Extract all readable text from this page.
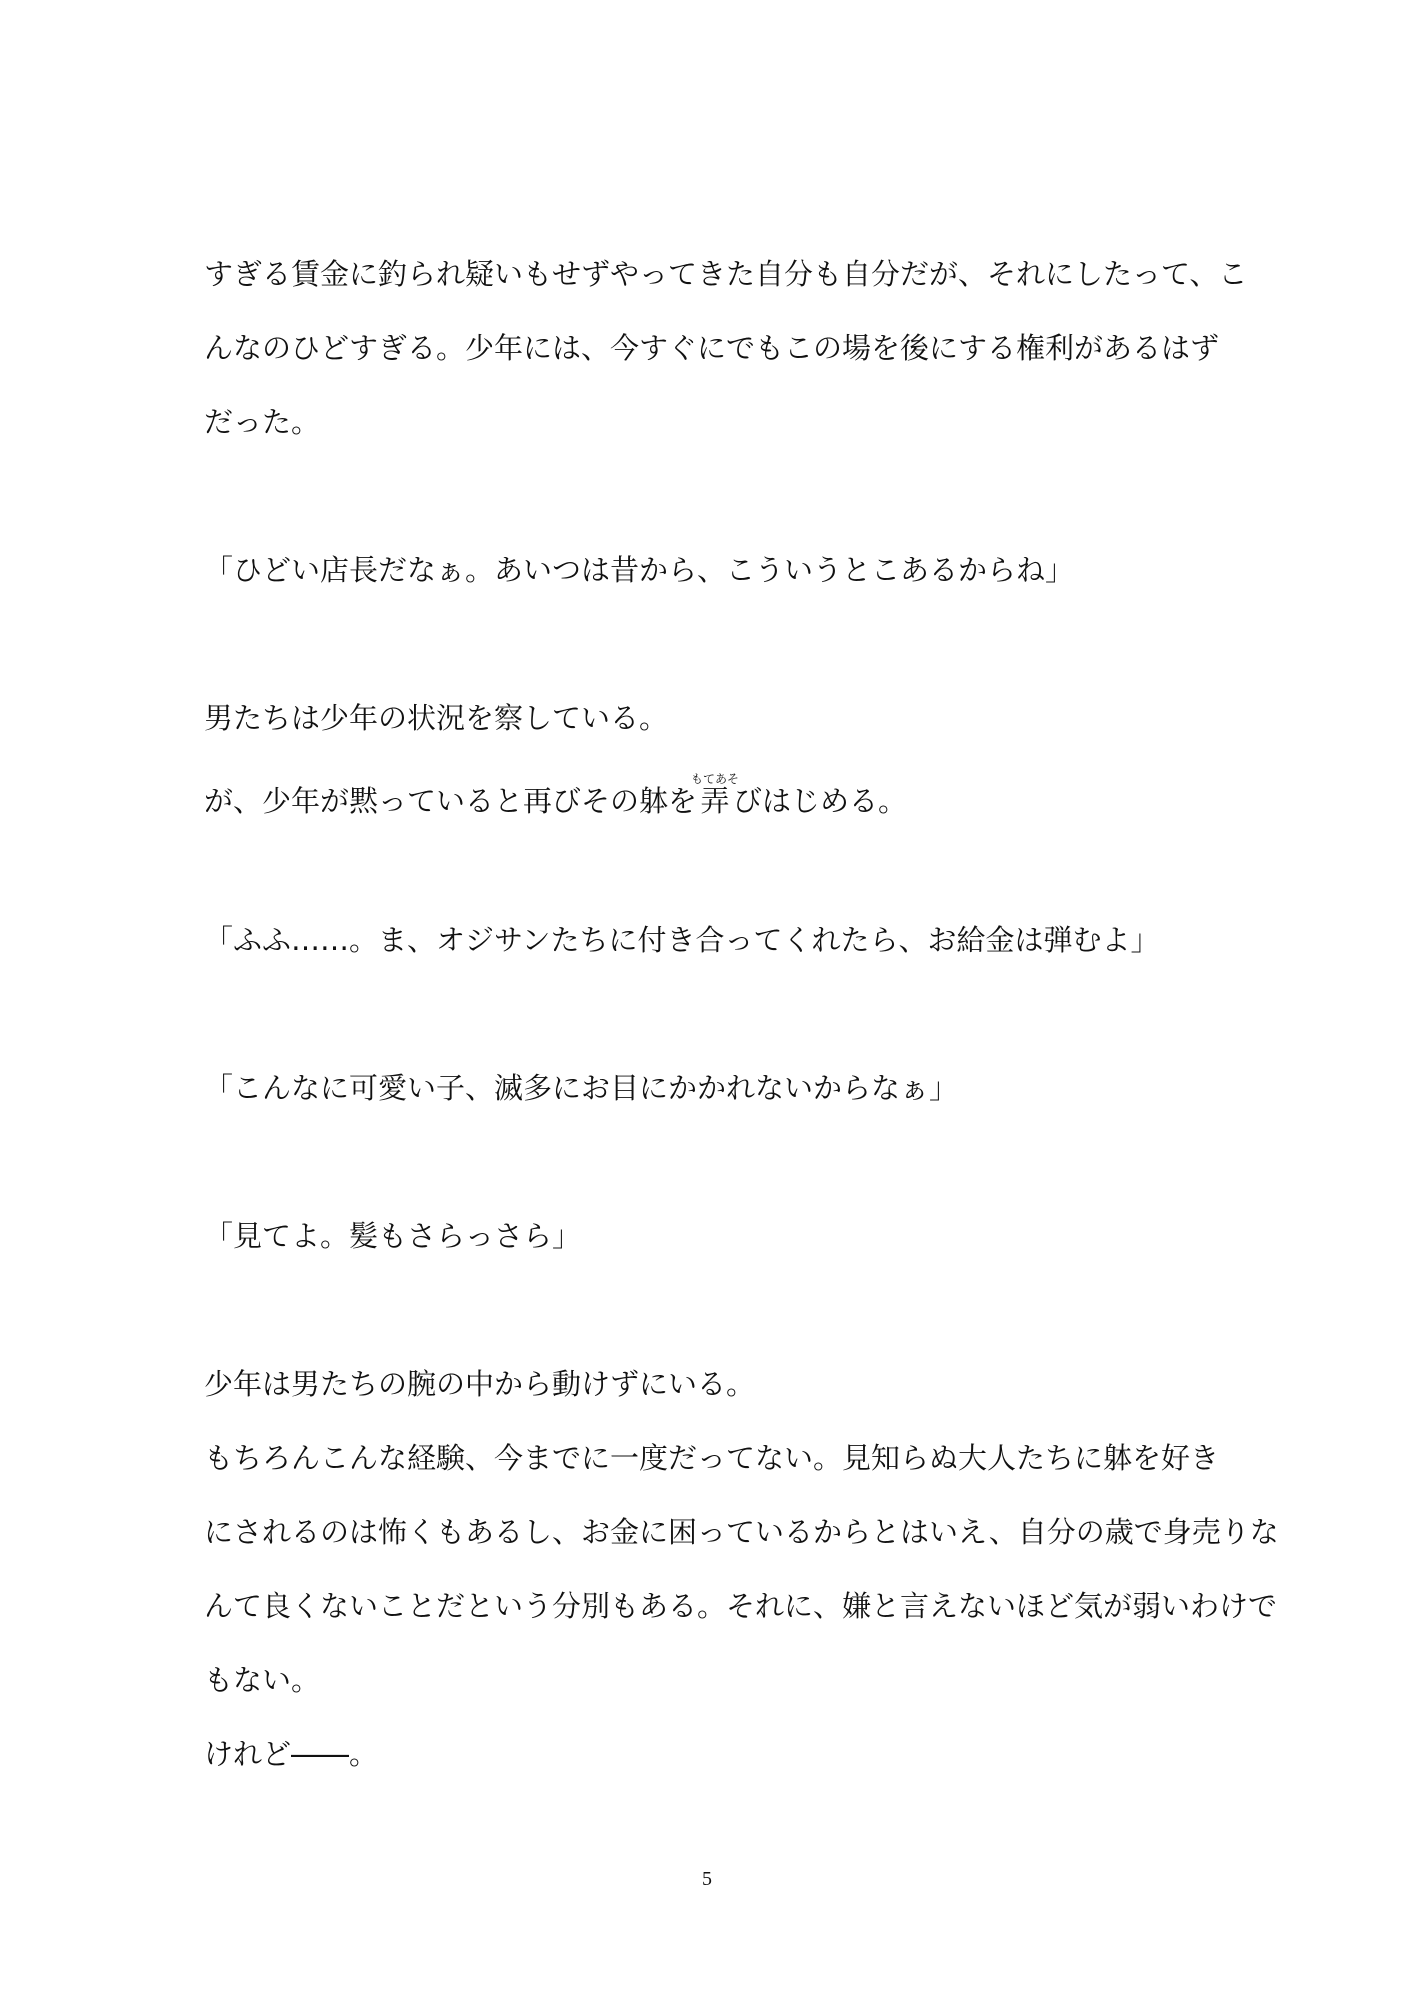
すぎる賃金に釣られ疑いもせずやってきた自分も自分だが、それにしたって、こ

んなのひどすぎる。少年には、今すぐにでもこの場を後にする権利があるはず

だった。

「ひどい店長だなぁ。あいつは昔から、こういうとこあるからね」

男たちは少年の状況を察している。

が、少年が黙っていると再びその躰を弄もてあそびはじめる。

「ふふ……。ま、オジサンたちに付き合ってくれたら、お給金は弾むよ」

「こんなに可愛い子、滅多にお目にかかれないからなぁ」

「見てよ。髪もさらっさら」

少年は男たちの腕の中から動けずにいる。

もちろんこんな経験、今までに一度だってない。見知らぬ大人たちに躰を好き

にされるのは怖くもあるし、お金に困っているからとはいえ、自分の歳で身売りな

んて良くないことだという分別もある。それに、嫌と言えないほど気が弱いわけで

もない。

けれど――。

5
